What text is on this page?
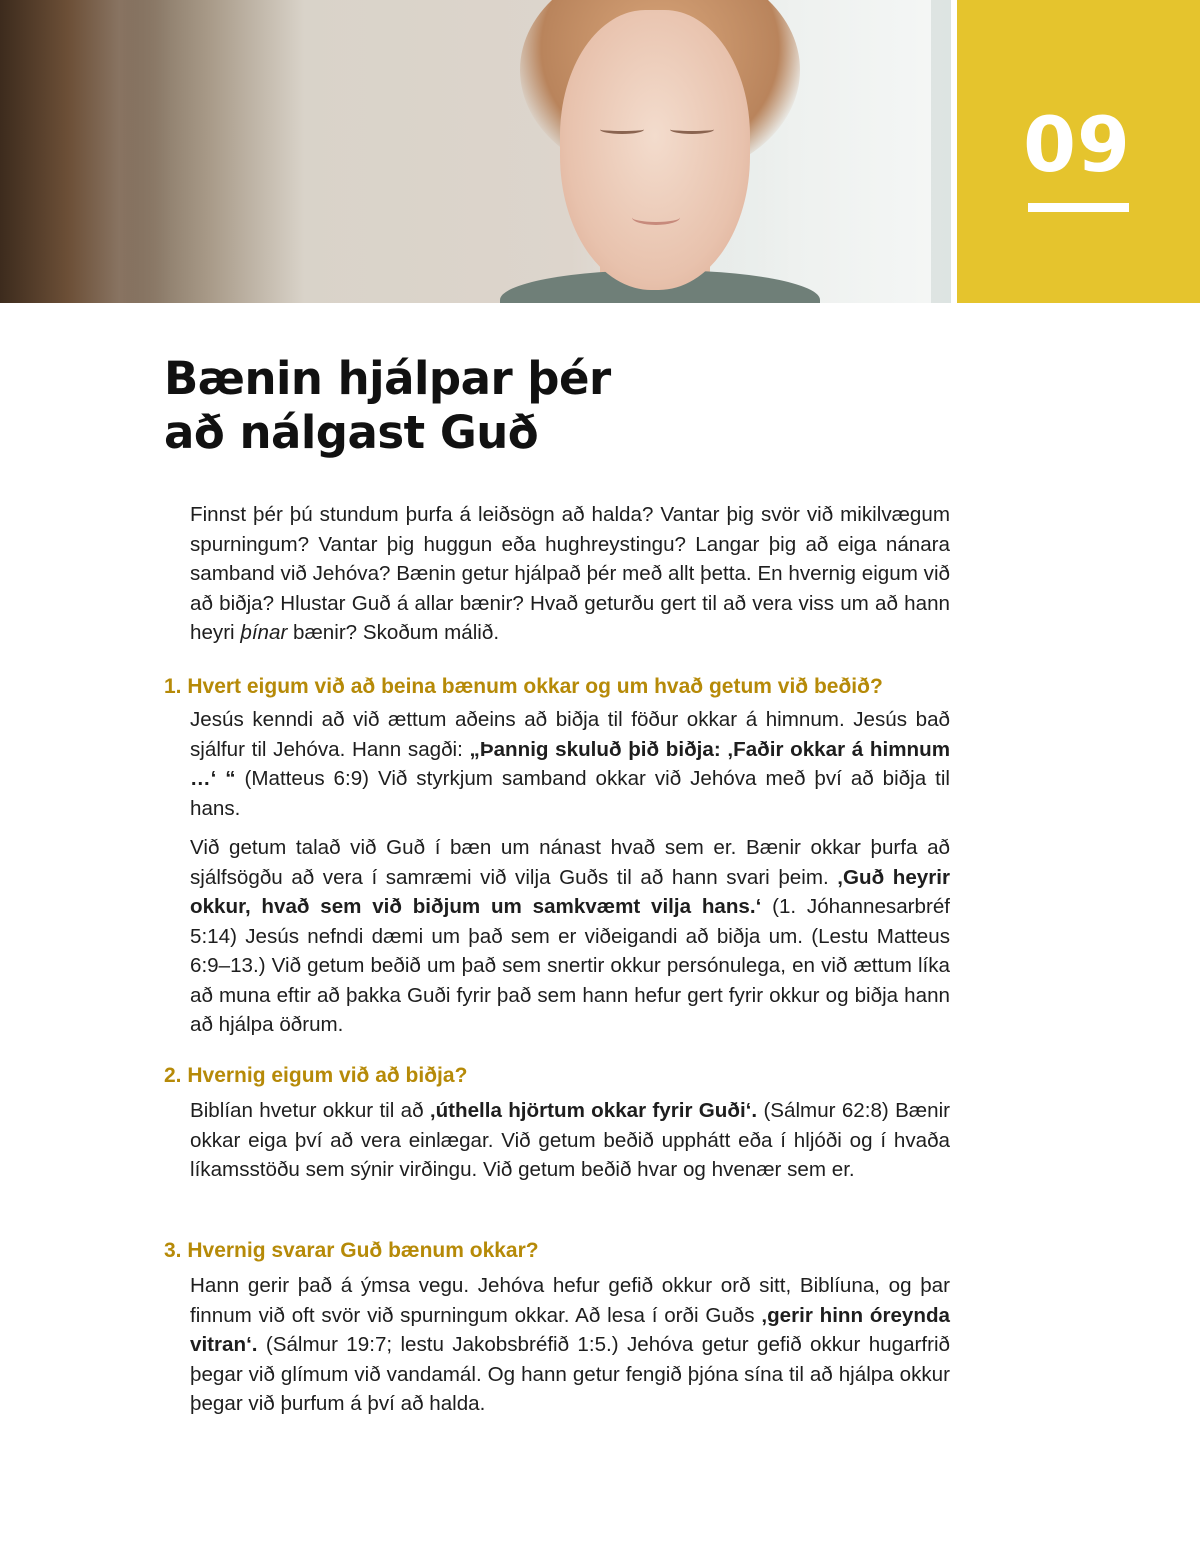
09
Bænin hjálpar þér
að nálgast Guð

Finnst þér þú stundum þurfa á leiðsögn að halda? Vantar þig svör við mikilvægum spurningum? Vantar þig huggun eða hughreystingu? Langar þig að eiga nánara samband við Jehóva? Bænin getur hjálpað þér með allt þetta. En hvernig eigum við að biðja? Hlustar Guð á allar bænir? Hvað geturðu gert til að vera viss um að hann heyri þínar bænir? Skoðum málið.

1. Hvert eigum við að beina bænum okkar og um hvað getum við beðið?

Jesús kenndi að við ættum aðeins að biðja til föður okkar á himnum. Jesús bað sjálfur til Jehóva. Hann sagði: „Þannig skuluð þið biðja: ‚Faðir okkar á himnum …‘ “ (Matteus 6:9) Við styrkjum samband okkar við Jehóva með því að biðja til hans.

Við getum talað við Guð í bæn um nánast hvað sem er. Bænir okkar þurfa að sjálfsögðu að vera í samræmi við vilja Guðs til að hann svari þeim. ‚Guð heyrir okkur, hvað sem við biðjum um samkvæmt vilja hans.‘ (1. Jóhannesarbréf 5:14) Jesús nefndi dæmi um það sem er viðeigandi að biðja um. (Lestu Matteus 6:9–13.) Við getum beðið um það sem snertir okkur persónulega, en við ættum líka að muna eftir að þakka Guði fyrir það sem hann hefur gert fyrir okkur og biðja hann að hjálpa öðrum.

2. Hvernig eigum við að biðja?

Biblían hvetur okkur til að ‚úthella hjörtum okkar fyrir Guði‘. (Sálmur 62:8) Bænir okkar eiga því að vera einlægar. Við getum beðið upphátt eða í hljóði og í hvaða líkamsstöðu sem sýnir virðingu. Við getum beðið hvar og hvenær sem er.

3. Hvernig svarar Guð bænum okkar?

Hann gerir það á ýmsa vegu. Jehóva hefur gefið okkur orð sitt, Biblíuna, og þar finnum við oft svör við spurningum okkar. Að lesa í orði Guðs ‚gerir hinn óreynda vitran‘. (Sálmur 19:7; lestu Jakobsbréfið 1:5.) Jehóva getur gefið okkur hugarfrið þegar við glímum við vandamál. Og hann getur fengið þjóna sína til að hjálpa okkur þegar við þurfum á því að halda.
